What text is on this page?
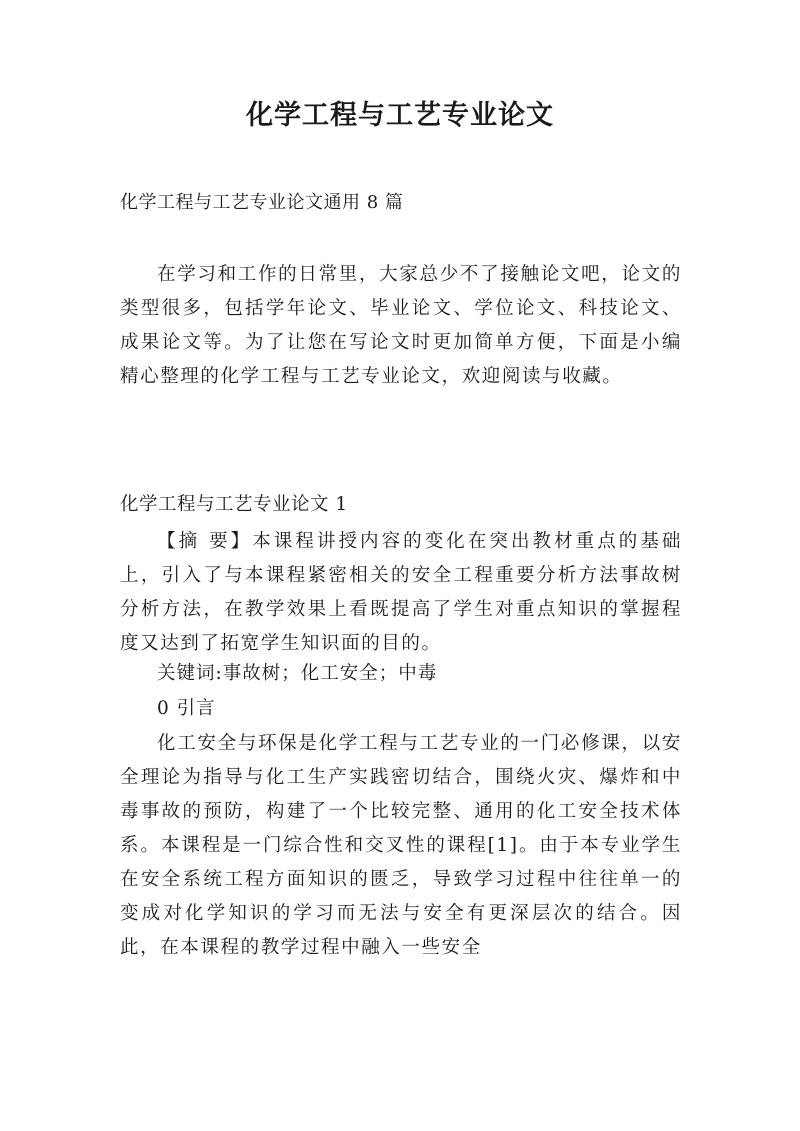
化学工程与工艺专业论文

化学工程与工艺专业论文通用 8 篇

在学习和工作的日常里，大家总少不了接触论文吧，论文的类型很多，包括学年论文、毕业论文、学位论文、科技论文、成果论文等。为了让您在写论文时更加简单方便，下面是小编精心整理的化学工程与工艺专业论文，欢迎阅读与收藏。

化学工程与工艺专业论文 1

【摘 要】本课程讲授内容的变化在突出教材重点的基础上，引入了与本课程紧密相关的安全工程重要分析方法事故树分析方法，在教学效果上看既提高了学生对重点知识的掌握程度又达到了拓宽学生知识面的目的。

关键词:事故树；化工安全；中毒

0 引言

化工安全与环保是化学工程与工艺专业的一门必修课，以安全理论为指导与化工生产实践密切结合，围绕火灾、爆炸和中毒事故的预防，构建了一个比较完整、通用的化工安全技术体系。本课程是一门综合性和交叉性的课程[1]。由于本专业学生在安全系统工程方面知识的匮乏，导致学习过程中往往单一的变成对化学知识的学习而无法与安全有更深层次的结合。因此，在本课程的教学过程中融入一些安全
